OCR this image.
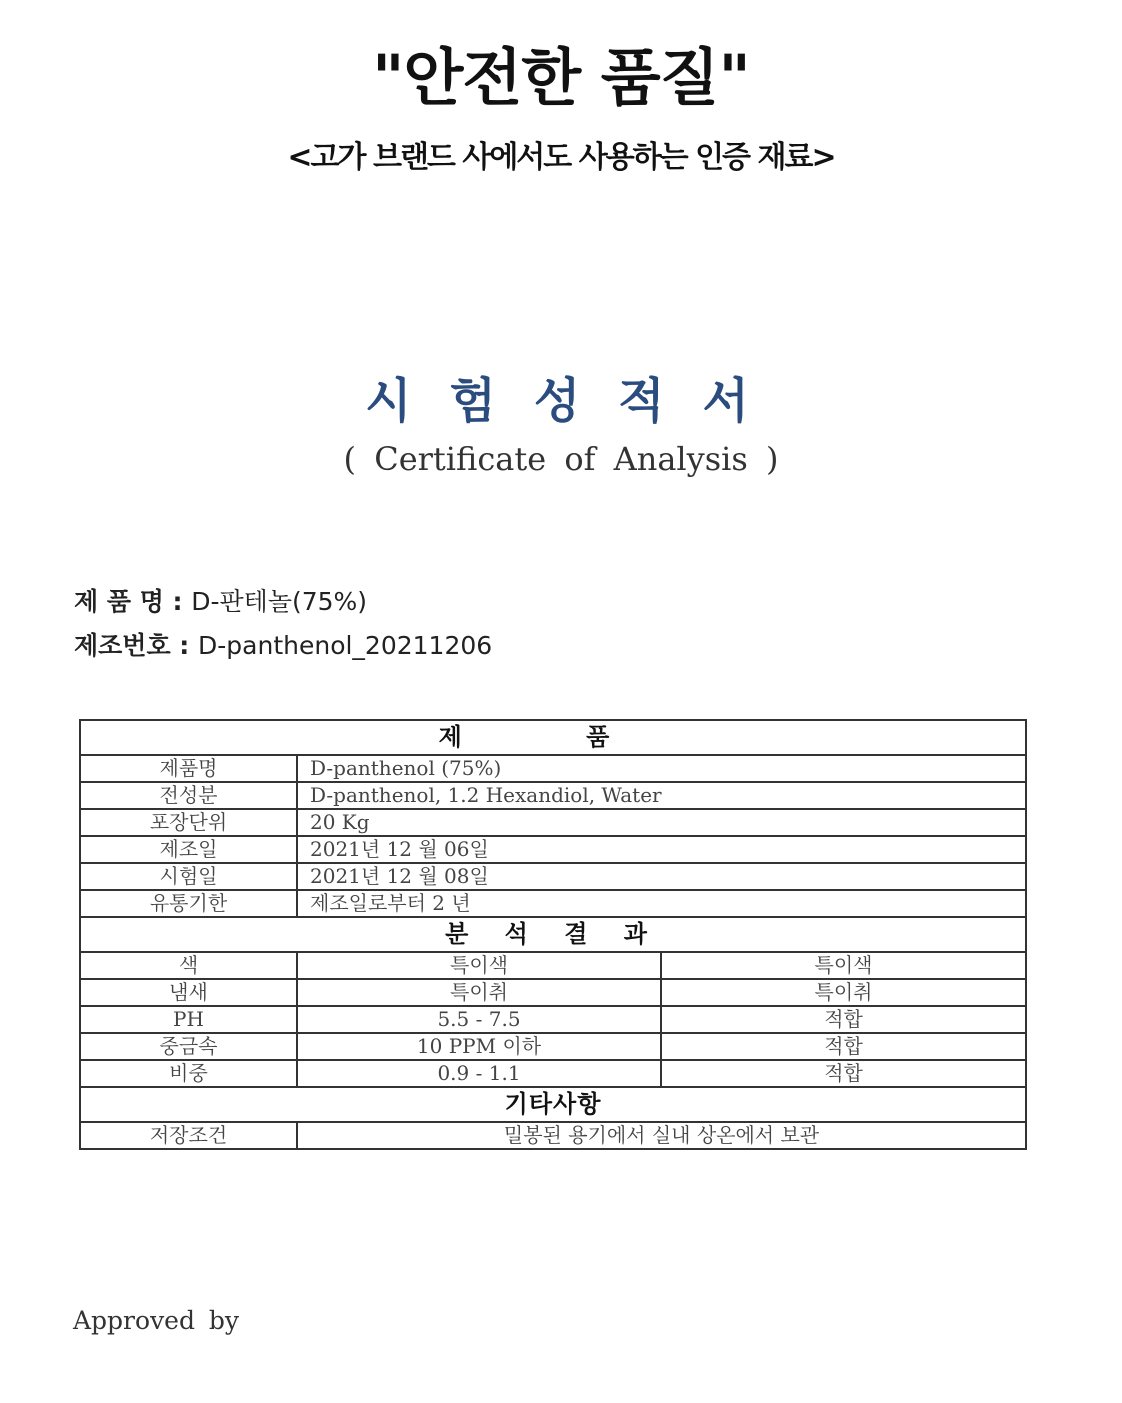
"안전한 품질"
<고가 브랜드 사에서도 사용하는 인증 재료>
시험성적서
( Certificate of Analysis )
제 품 명 : D-판테놀(75%)
제조번호 : D-panthenol_20211206
제 품		
제품명	D-panthenol (75%)	
전성분	D-panthenol, 1.2 Hexandiol, Water	
포장단위	20 Kg	
제조일	2021년 12 월 06일	
시험일	2021년 12 월 08일	
유통기한	제조일로부터 2 년	
분 석 결 과		
색	특이색	특이색
냄새	특이취	특이취
PH	5.5 - 7.5	적합
중금속	10 PPM 이하	적합
비중	0.9 - 1.1	적합
기타사항		
저장조건	밀봉된 용기에서 실내 상온에서 보관	
Approved by
